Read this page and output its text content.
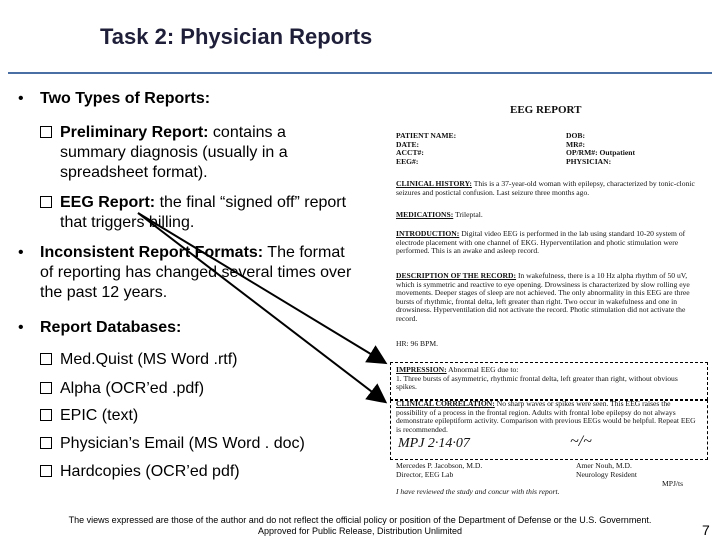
Task 2: Physician Reports
• Two Types of Reports:
Preliminary Report: contains a summary diagnosis (usually in a spreadsheet format).
EEG Report: the final “signed off” report that triggers billing.
• Inconsistent Report Formats: The format of reporting has changed several times over the past 12 years.
• Report Databases:
Med.Quist (MS Word .rtf)
Alpha (OCR’ed .pdf)
EPIC (text)
Physician’s Email (MS Word . doc)
Hardcopies (OCR’ed pdf)
EEG REPORT
PATIENT NAME:
DATE:
ACCT#:
EEG#:
DOB:
MR#:
OP/RM#: Outpatient
PHYSICIAN:
CLINICAL HISTORY: This is a 37-year-old woman with epilepsy, characterized by tonic-clonic seizures and postictal confusion. Last seizure three months ago.
MEDICATIONS: Trileptal.
INTRODUCTION: Digital video EEG is performed in the lab using standard 10-20 system of electrode placement with one channel of EKG. Hyperventilation and photic stimulation were performed. This is an awake and asleep record.
DESCRIPTION OF THE RECORD: In wakefulness, there is a 10 Hz alpha rhythm of 50 uV, which is symmetric and reactive to eye opening. Drowsiness is characterized by slow rolling eye movements. Deeper stages of sleep are not achieved. The only abnormality in this EEG are three bursts of rhythmic, frontal delta, left greater than right. Two occur in wakefulness and one in drowsiness. Hyperventilation did not activate the record. Photic stimulation did not activate the record.
HR: 96 BPM.
IMPRESSION: Abnormal EEG due to:
1. Three bursts of asymmetric, rhythmic frontal delta, left greater than right, without obvious spikes.
CLINICAL CORRELATION: No sharp waves or spikes were seen. This EEG raises the possibility of a process in the frontal region. Adults with frontal lobe epilepsy do not always demonstrate epileptiform activity. Comparison with previous EEGs would be helpful. Repeat EEG is recommended.
MPJ 2·14·07	~/~
Mercedes P. Jacobson, M.D.
Director, EEG Lab
Amer Nouh, M.D.
Neurology Resident
I have reviewed the study and concur with this report.
MPJ/ts
The views expressed are those of the author and do not reflect the official policy or position of the Department of Defense or the U.S. Government.
Approved for Public Release, Distribution Unlimited	7
